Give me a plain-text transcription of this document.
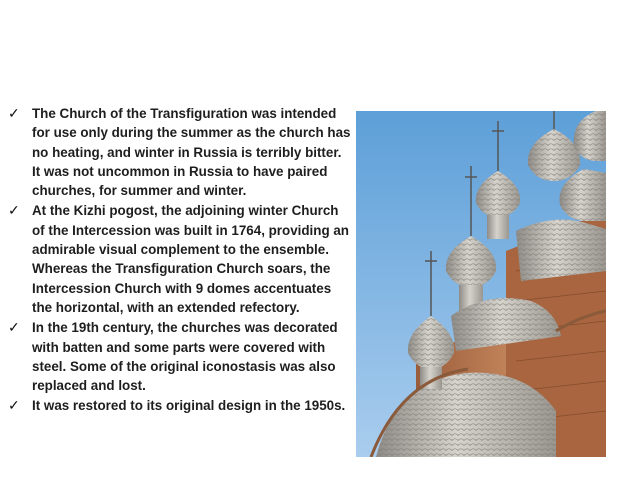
✓ The Church of the Transfiguration was intended for use only during the summer as the church has no heating, and winter in Russia is terribly bitter. It was not uncommon in Russia to have paired churches, for summer and winter.
✓ At the Kizhi pogost, the adjoining winter Church of the Intercession was built in 1764, providing an admirable visual complement to the ensemble. Whereas the Transfiguration Church soars, the Intercession Church with 9 domes accentuates the horizontal, with an extended refectory.
✓ In the 19th century, the churches was decorated with batten and some parts were covered with steel. Some of the original iconostasis was also replaced and lost.
✓ It was restored to its original design in the 1950s.
